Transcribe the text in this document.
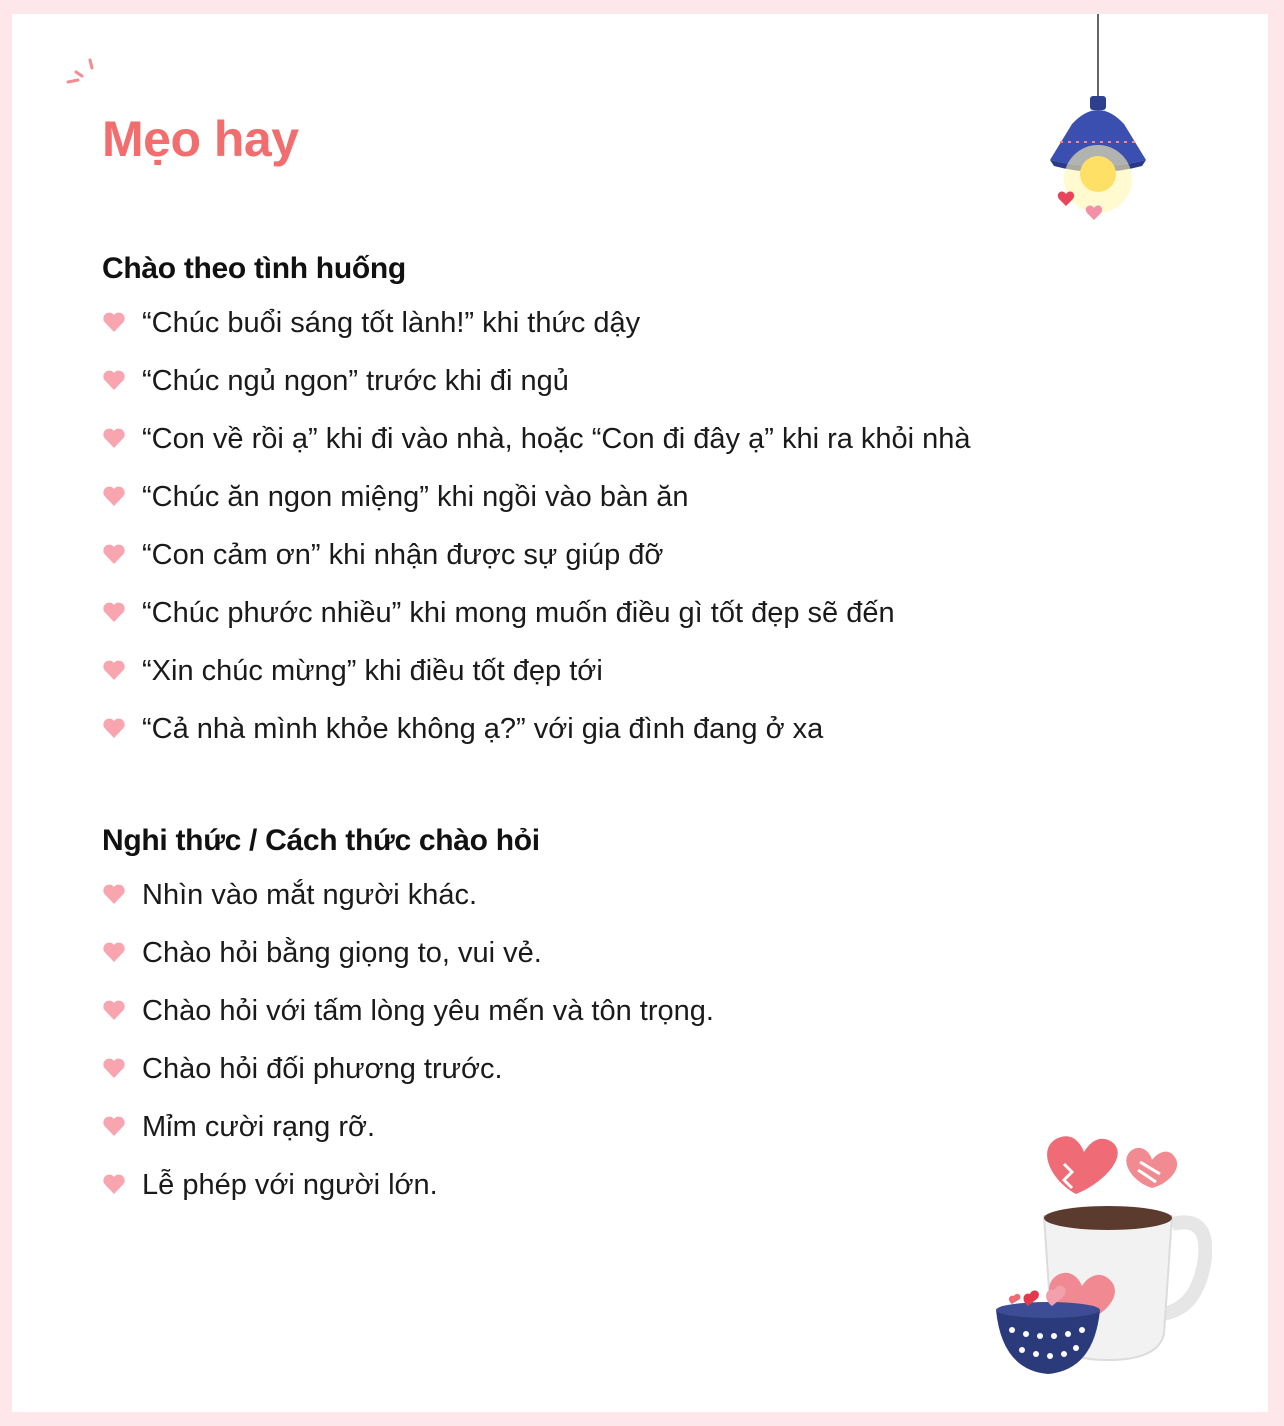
Mẹo hay
Chào theo tình huống
“Chúc buổi sáng tốt lành!” khi thức dậy
“Chúc ngủ ngon” trước khi đi ngủ
“Con về rồi ạ” khi đi vào nhà, hoặc “Con đi đây ạ” khi ra khỏi nhà
“Chúc ăn ngon miệng” khi ngồi vào bàn ăn
“Con cảm ơn” khi nhận được sự giúp đỡ
“Chúc phước nhiều” khi mong muốn điều gì tốt đẹp sẽ đến
“Xin chúc mừng” khi điều tốt đẹp tới
“Cả nhà mình khỏe không ạ?” với gia đình đang ở xa
Nghi thức / Cách thức chào hỏi
Nhìn vào mắt người khác.
Chào hỏi bằng giọng to, vui vẻ.
Chào hỏi với tấm lòng yêu mến và tôn trọng.
Chào hỏi đối phương trước.
Mỉm cười rạng rỡ.
Lễ phép với người lớn.
